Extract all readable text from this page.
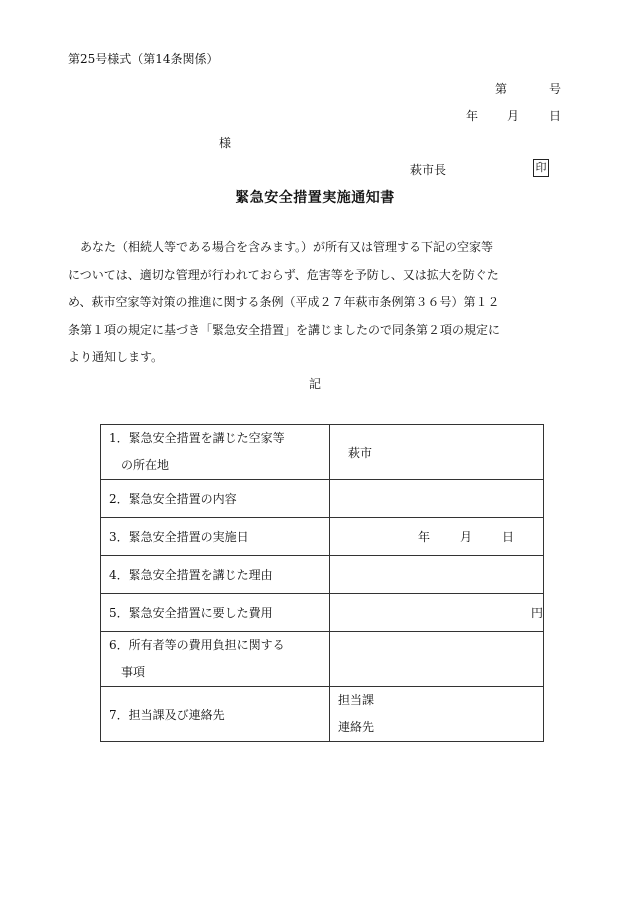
第25号様式（第14条関係）
第	号
年 月 日
様
萩市長	印
緊急安全措置実施通知書
　あなた（相続人等である場合を含みます。）が所有又は管理する下記の空家等
については、適切な管理が行われておらず、危害等を予防し、又は拡大を防ぐた
め、萩市空家等対策の推進に関する条例（平成２７年萩市条例第３６号）第１２
条第１項の規定に基づき「緊急安全措置」を講じましたので同条第２項の規定に
より通知します。
記
1．緊急安全措置を講じた空家等
の所在地	萩市
2．緊急安全措置の内容	
3．緊急安全措置の実施日	年 月 日
4．緊急安全措置を講じた理由	
5．緊急安全措置に要した費用	円

6．所有者等の費用負担に関する
事項	

7．担当課及び連絡先	担当課
連絡先
